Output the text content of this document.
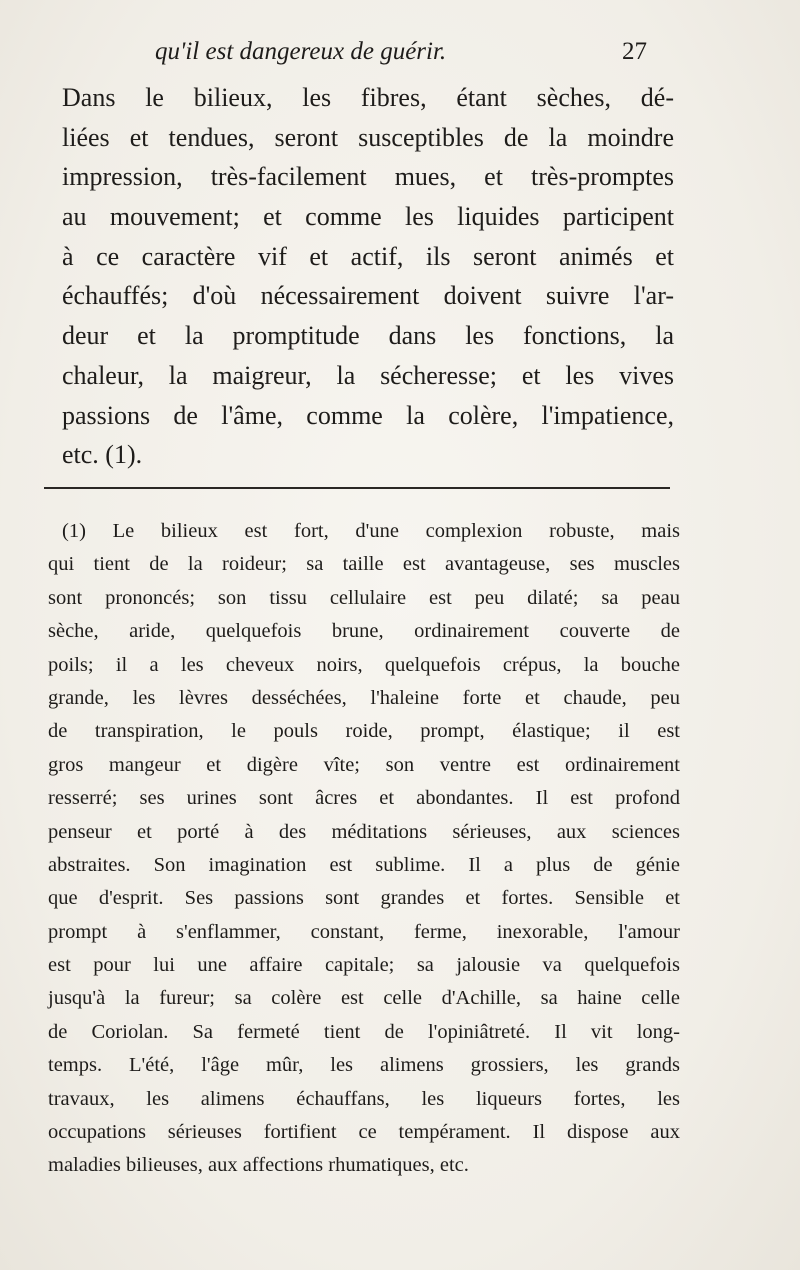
qu'il est dangereux de guérir.	27
Dans le bilieux, les fibres, étant sèches, dé-
liées et tendues, seront susceptibles de la moindre
impression, très-facilement mues, et très-promptes
au mouvement; et comme les liquides participent
à ce caractère vif et actif, ils seront animés et
échauffés; d'où nécessairement doivent suivre l'ar-
deur et la promptitude dans les fonctions, la
chaleur, la maigreur, la sécheresse; et les vives
passions de l'âme, comme la colère, l'impatience,
etc. (1).
(1) Le bilieux est fort, d'une complexion robuste, mais
qui tient de la roideur; sa taille est avantageuse, ses muscles
sont prononcés; son tissu cellulaire est peu dilaté; sa peau
sèche, aride, quelquefois brune, ordinairement couverte de
poils; il a les cheveux noirs, quelquefois crépus, la bouche
grande, les lèvres desséchées, l'haleine forte et chaude, peu
de transpiration, le pouls roide, prompt, élastique; il est
gros mangeur et digère vîte; son ventre est ordinairement
resserré; ses urines sont âcres et abondantes. Il est profond
penseur et porté à des méditations sérieuses, aux sciences
abstraites. Son imagination est sublime. Il a plus de génie
que d'esprit. Ses passions sont grandes et fortes. Sensible et
prompt à s'enflammer, constant, ferme, inexorable, l'amour
est pour lui une affaire capitale; sa jalousie va quelquefois
jusqu'à la fureur; sa colère est celle d'Achille, sa haine celle
de Coriolan. Sa fermeté tient de l'opiniâtreté. Il vit long-
temps. L'été, l'âge mûr, les alimens grossiers, les grands
travaux, les alimens échauffans, les liqueurs fortes, les
occupations sérieuses fortifient ce tempérament. Il dispose aux
maladies bilieuses, aux affections rhumatiques, etc.
